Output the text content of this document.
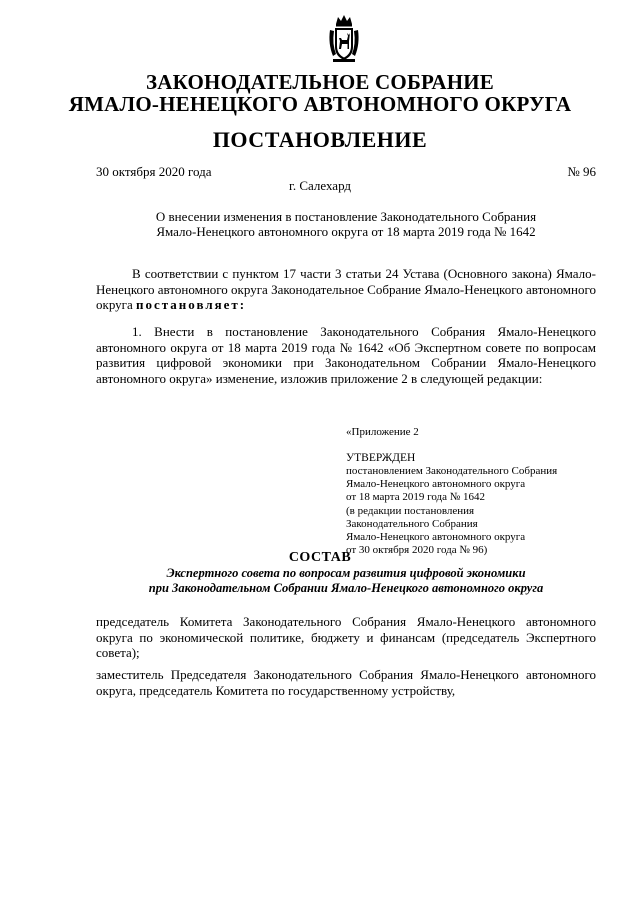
ЗАКОНОДАТЕЛЬНОЕ СОБРАНИЕ
ЯМАЛО-НЕНЕЦКОГО АВТОНОМНОГО ОКРУГА
ПОСТАНОВЛЕНИЕ
30 октября 2020 года	№ 96
г. Салехард
О внесении изменения в постановление Законодательного Собрания
Ямало-Ненецкого автономного округа от 18 марта 2019 года № 1642

В соответствии с пунктом 17 части 3 статьи 24 Устава (Основного закона) Ямало-Ненецкого автономного округа Законодательное Собрание Ямало-Ненецкого автономного округа постановляет:

1. Внести в постановление Законодательного Собрания Ямало-Ненецкого автономного округа от 18 марта 2019 года № 1642 «Об Экспертном совете по вопросам развития цифровой экономики при Законодательном Собрании Ямало-Ненецкого автономного округа» изменение, изложив приложение 2 в следующей редакции:

«Приложение 2
УТВЕРЖДЕН
постановлением Законодательного Собрания
Ямало-Ненецкого автономного округа
от 18 марта 2019 года № 1642
(в редакции постановления
Законодательного Собрания
Ямало-Ненецкого автономного округа
от 30 октября 2020 года № 96)
СОСТАВ
Экспертного совета по вопросам развития цифровой экономики
при Законодательном Собрании Ямало-Ненецкого автономного округа

председатель Комитета Законодательного Собрания Ямало-Ненецкого автономного округа по экономической политике, бюджету и финансам (председатель Экспертного совета);

заместитель Председателя Законодательного Собрания Ямало-Ненецкого автономного округа, председатель Комитета по государственному устройству,
